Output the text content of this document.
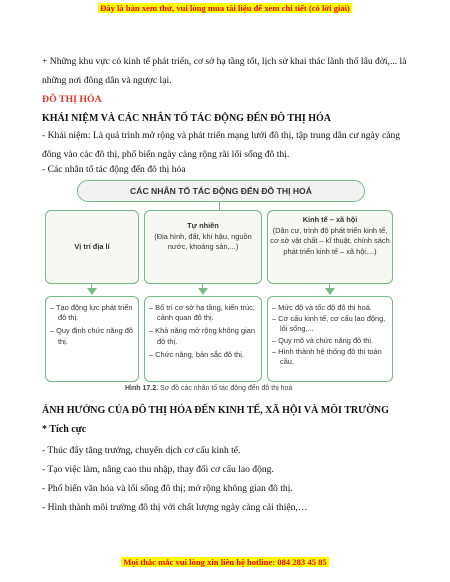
Đây là bản xem thử, vui lòng mua tài liệu để xem chi tiết (có lời giải)
+ Những khu vực có kinh tế phát triển, cơ sở hạ tầng tốt, lịch sử khai thác lãnh thổ lâu đời,... là những nơi đông dân và ngược lại.
ĐÔ THỊ HÓA
KHÁI NIỆM VÀ CÁC NHÂN TỐ TÁC ĐỘNG ĐẾN ĐÔ THỊ HÓA
- Khái niệm: Là quá trình mở rộng và phát triển mạng lưới đô thị, tập trung dân cư ngày càng đông vào các đô thị, phổ biến ngày càng rộng rãi lối sống đô thị.
- Các nhân tố tác động đến đô thị hóa
CÁC NHÂN TỐ TÁC ĐỘNG ĐẾN ĐÔ THỊ HOÁ
Vị trí địa lí
Tự nhiên
(Địa hình, đất, khí hậu, nguồn nước, khoáng sản,...)
Kinh tế – xã hội
(Dân cư, trình độ phát triển kinh tế, cơ sở vật chất – kĩ thuật, chính sách phát triển kinh tế – xã hội,...)
– Tạo động lực phát triển đô thị.
– Quy định chức năng đô thị.
– Bố trí cơ sở hạ tầng, kiến trúc, cảnh quan đô thị.
– Khả năng mở rộng không gian đô thị.
– Chức năng, bản sắc đô thị.
– Mức độ và tốc độ đô thị hoá.
– Cơ cấu kinh tế, cơ cấu lao động, lối sống,...
– Quy mô và chức năng đô thị.
– Hình thành hệ thống đô thị toàn cầu.
Hình 17.2. Sơ đồ các nhân tố tác động đến đô thị hoá
ẢNH HƯỞNG CỦA ĐÔ THỊ HÓA ĐẾN KINH TẾ, XÃ HỘI VÀ MÔI TRƯỜNG
* Tích cực
- Thúc đẩy tăng trưởng, chuyển dịch cơ cấu kinh tế.
- Tạo việc làm, nâng cao thu nhập, thay đổi cơ cấu lao động.
- Phổ biến văn hóa và lối sống đô thị; mở rộng không gian đô thị.
- Hình thành môi trường đô thị với chất lượng ngày càng cải thiện,…
Mọi thắc mắc vui lòng xin liên hệ hotline: 084 283 45 85
